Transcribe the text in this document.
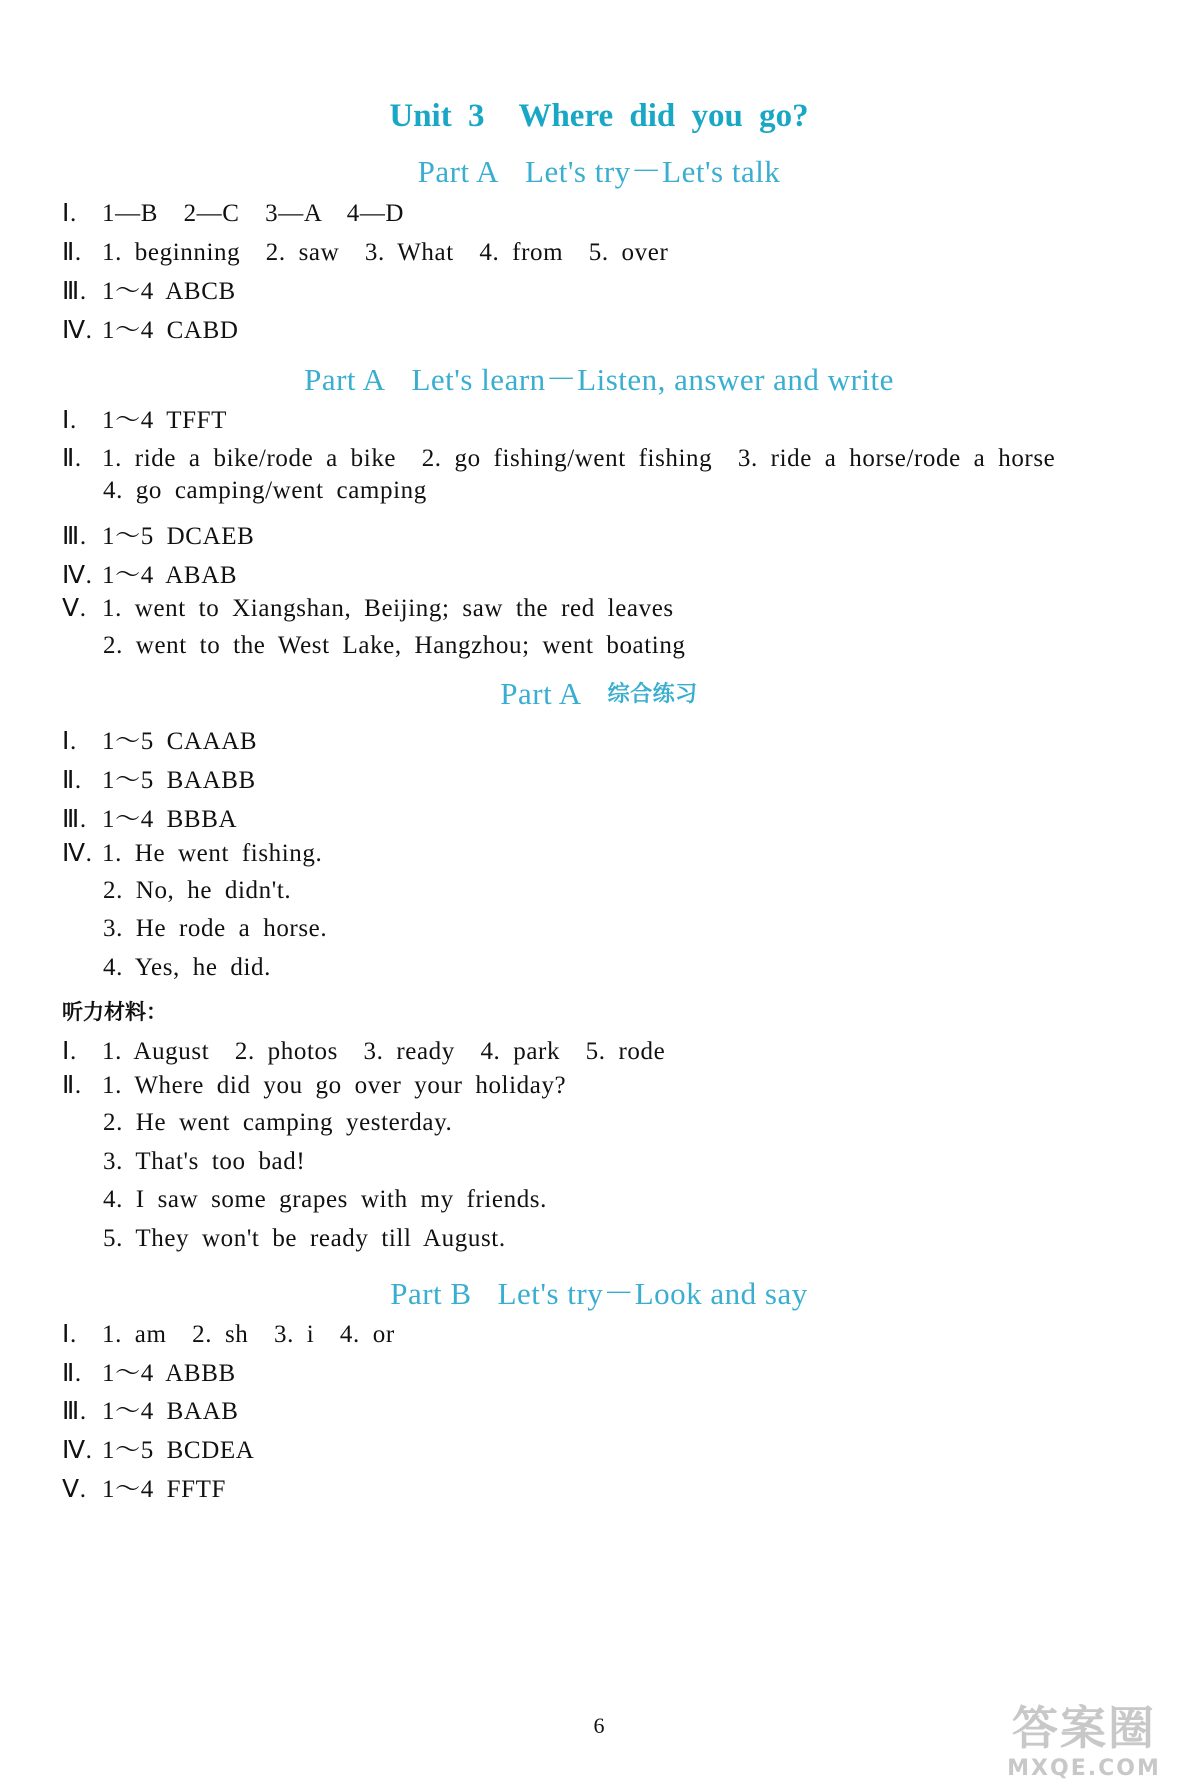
Unit 3 Where did you go?
Part A Let's try－Let's talk
Ⅰ. 1—B　2—C　3—A　4—D
Ⅱ. 1. beginning　2. saw　3. What　4. from　5. over
Ⅲ. 1～4 ABCB
Ⅳ. 1～4 CABD
Part A Let's learn－Listen, answer and write
Ⅰ. 1～4 TFFT
Ⅱ. 1. ride a bike/rode a bike　2. go fishing/went fishing　3. ride a horse/rode a horse
4. go camping/went camping
Ⅲ. 1～5 DCAEB
Ⅳ. 1～4 ABAB
Ⅴ. 1. went to Xiangshan, Beijing; saw the red leaves
2. went to the West Lake, Hangzhou; went boating
Part A 综合练习
Ⅰ. 1～5 CAAAB
Ⅱ. 1～5 BAABB
Ⅲ. 1～4 BBBA
Ⅳ. 1. He went fishing.
2. No, he didn't.
3. He rode a horse.
4. Yes, he did.
听力材料：
Ⅰ. 1. August　2. photos　3. ready　4. park　5. rode
Ⅱ. 1. Where did you go over your holiday?
2. He went camping yesterday.
3. That's too bad!
4. I saw some grapes with my friends.
5. They won't be ready till August.
Part B Let's try－Look and say
Ⅰ. 1. am　2. sh　3. i　4. or
Ⅱ. 1～4 ABBB
Ⅲ. 1～4 BAAB
Ⅳ. 1～5 BCDEA
Ⅴ. 1～4 FFTF
6	答案圈
MXQE.COM
